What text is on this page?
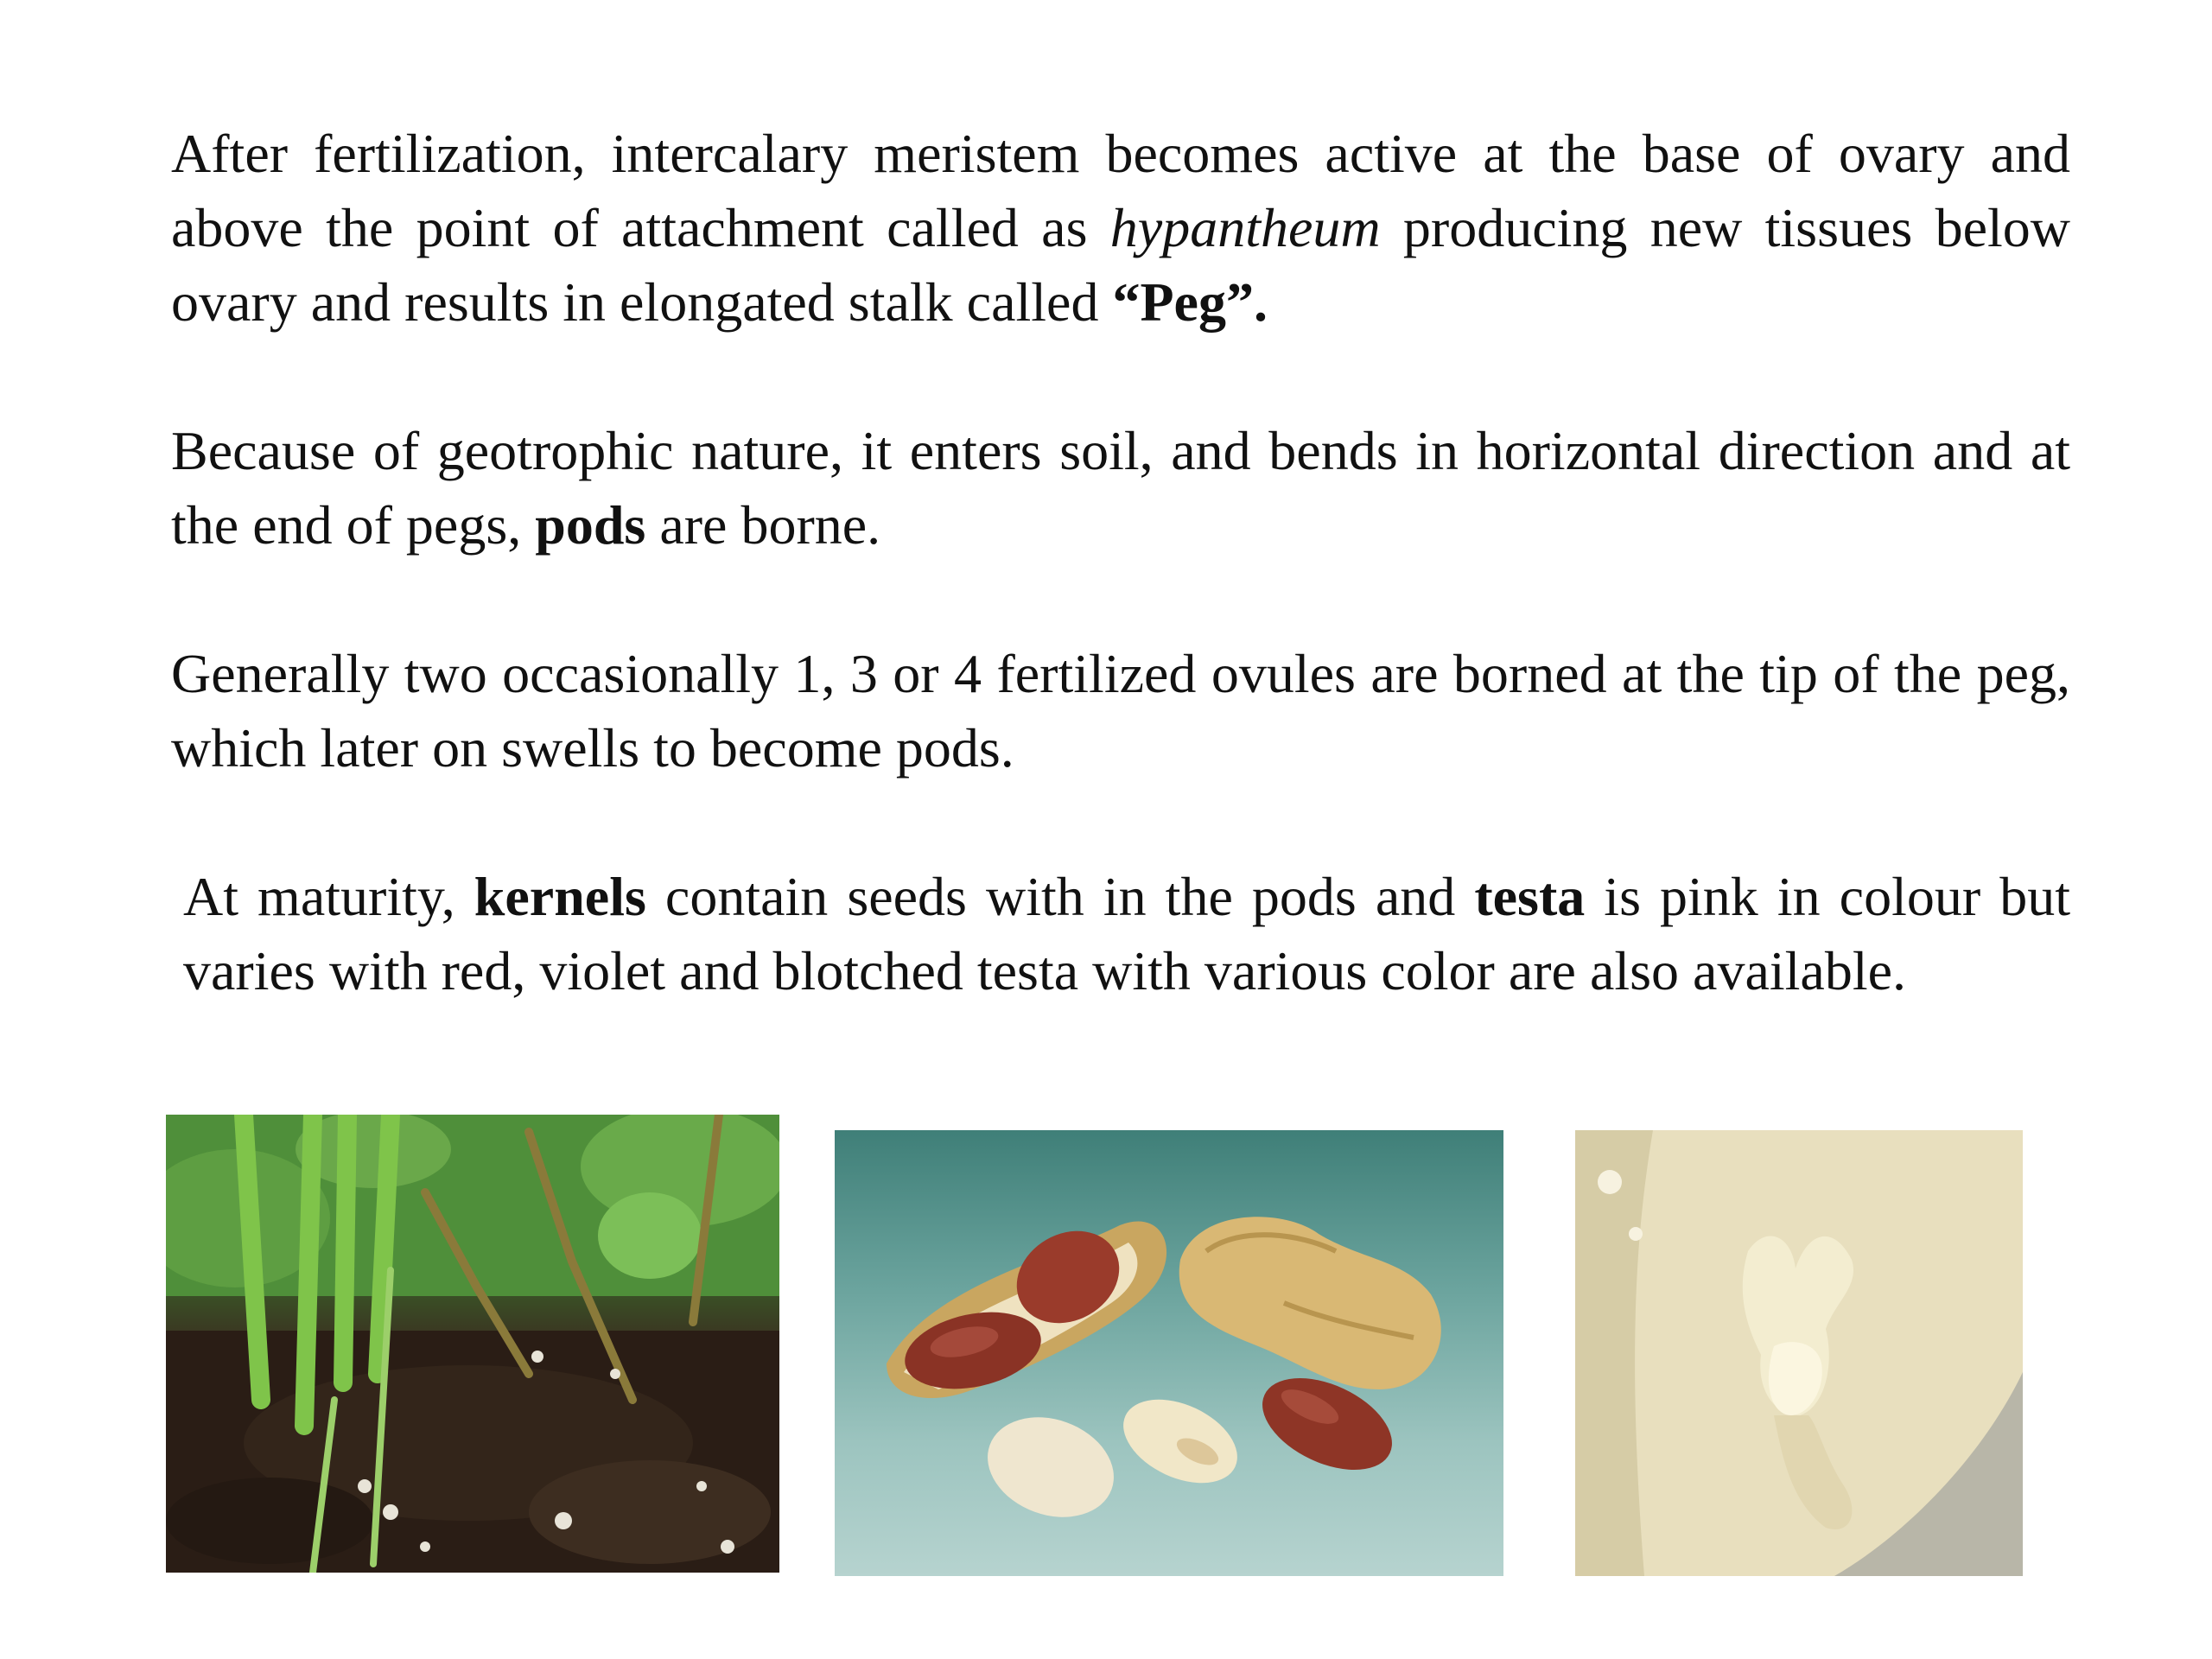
After fertilization, intercalary meristem becomes active at the base of ovary and above the point of attachment called as hypantheum producing new tissues below ovary and results in elongated stalk called “Peg”.

Because of geotrophic nature, it enters soil, and bends in horizontal direction and at the end of pegs, pods are borne.

Generally two occasionally 1, 3 or 4 fertilized ovules are borned at the tip of the peg, which later on swells to become pods.

At maturity, kernels contain seeds with in the pods and testa is pink in colour but varies with red, violet and blotched testa with various color are also available.
